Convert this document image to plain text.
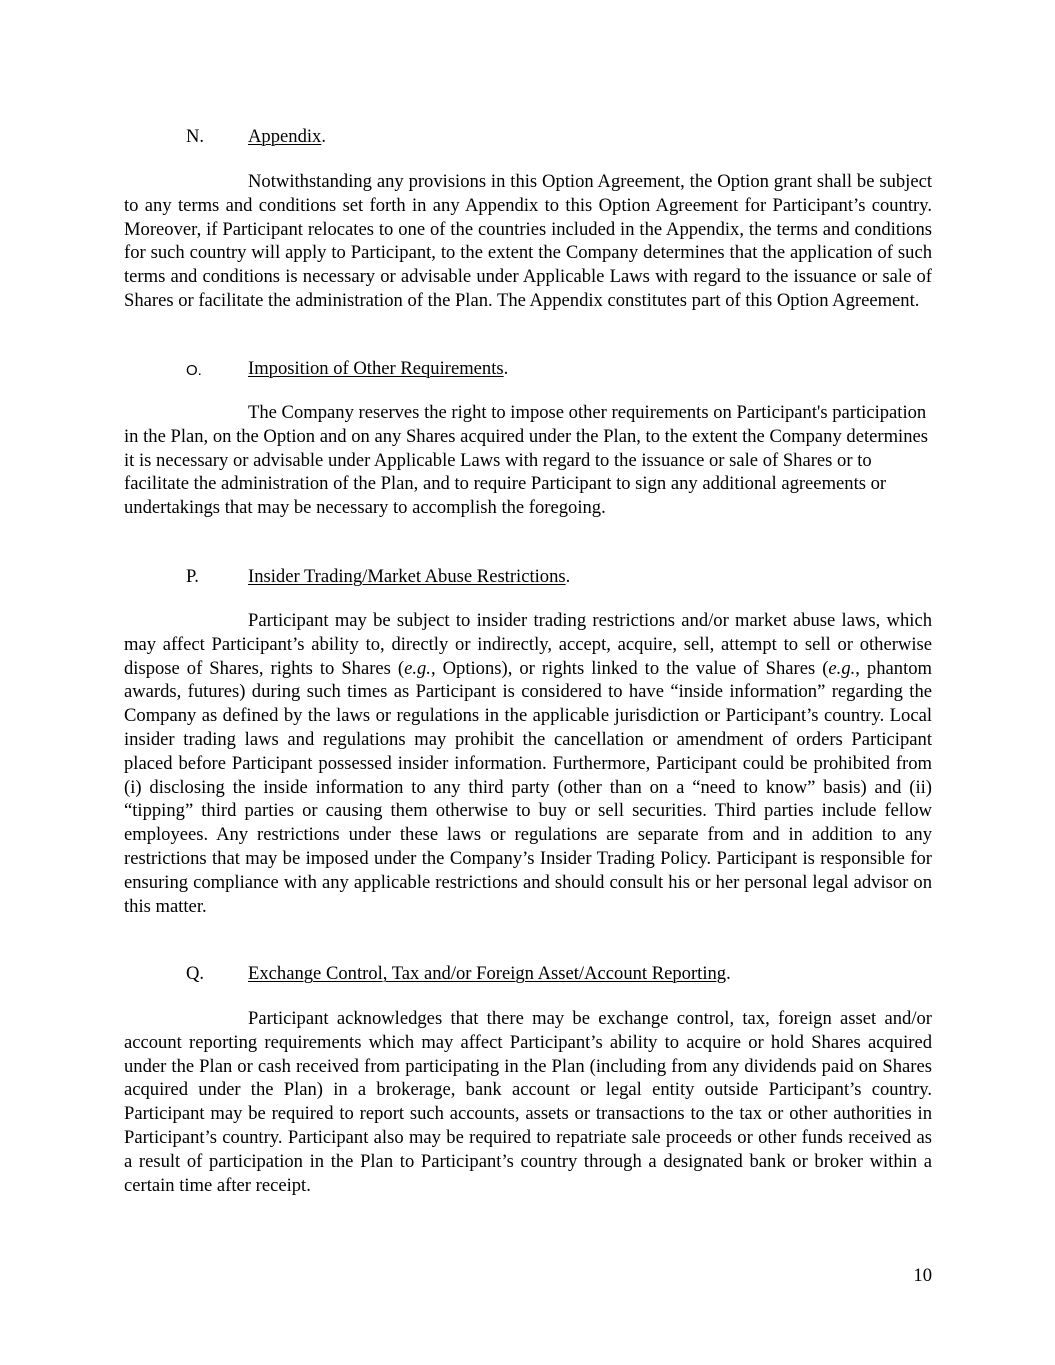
N. Appendix.

Notwithstanding any provisions in this Option Agreement, the Option grant shall be subject to any terms and conditions set forth in any Appendix to this Option Agreement for Participant’s country. Moreover, if Participant relocates to one of the countries included in the Appendix, the terms and conditions for such country will apply to Participant, to the extent the Company determines that the application of such terms and conditions is necessary or advisable under Applicable Laws with regard to the issuance or sale of Shares or facilitate the administration of the Plan. The Appendix constitutes part of this Option Agreement.

O. Imposition of Other Requirements.

The Company reserves the right to impose other requirements on Participant's participation in the Plan, on the Option and on any Shares acquired under the Plan, to the extent the Company determines it is necessary or advisable under Applicable Laws with regard to the issuance or sale of Shares or to facilitate the administration of the Plan, and to require Participant to sign any additional agreements or undertakings that may be necessary to accomplish the foregoing.

P.	Insider Trading/Market Abuse Restrictions.

Participant may be subject to insider trading restrictions and/or market abuse laws, which may affect Participant’s ability to, directly or indirectly, accept, acquire, sell, attempt to sell or otherwise dispose of Shares, rights to Shares (e.g., Options), or rights linked to the value of Shares (e.g., phantom awards, futures) during such times as Participant is considered to have “inside information” regarding the Company as defined by the laws or regulations in the applicable jurisdiction or Participant’s country. Local insider trading laws and regulations may prohibit the cancellation or amendment of orders Participant placed before Participant possessed insider information. Furthermore, Participant could be prohibited from (i) disclosing the inside information to any third party (other than on a “need to know” basis) and (ii) “tipping” third parties or causing them otherwise to buy or sell securities. Third parties include fellow employees. Any restrictions under these laws or regulations are separate from and in addition to any restrictions that may be imposed under the Company’s Insider Trading Policy. Participant is responsible for ensuring compliance with any applicable restrictions and should consult his or her personal legal advisor on this matter.

Q. Exchange Control, Tax and/or Foreign Asset/Account Reporting.

Participant acknowledges that there may be exchange control, tax, foreign asset and/or account reporting requirements which may affect Participant’s ability to acquire or hold Shares acquired under the Plan or cash received from participating in the Plan (including from any dividends paid on Shares acquired under the Plan) in a brokerage, bank account or legal entity outside Participant’s country. Participant may be required to report such accounts, assets or transactions to the tax or other authorities in Participant’s country. Participant also may be required to repatriate sale proceeds or other funds received as a result of participation in the Plan to Participant’s country through a designated bank or broker within a certain time after receipt.

10
